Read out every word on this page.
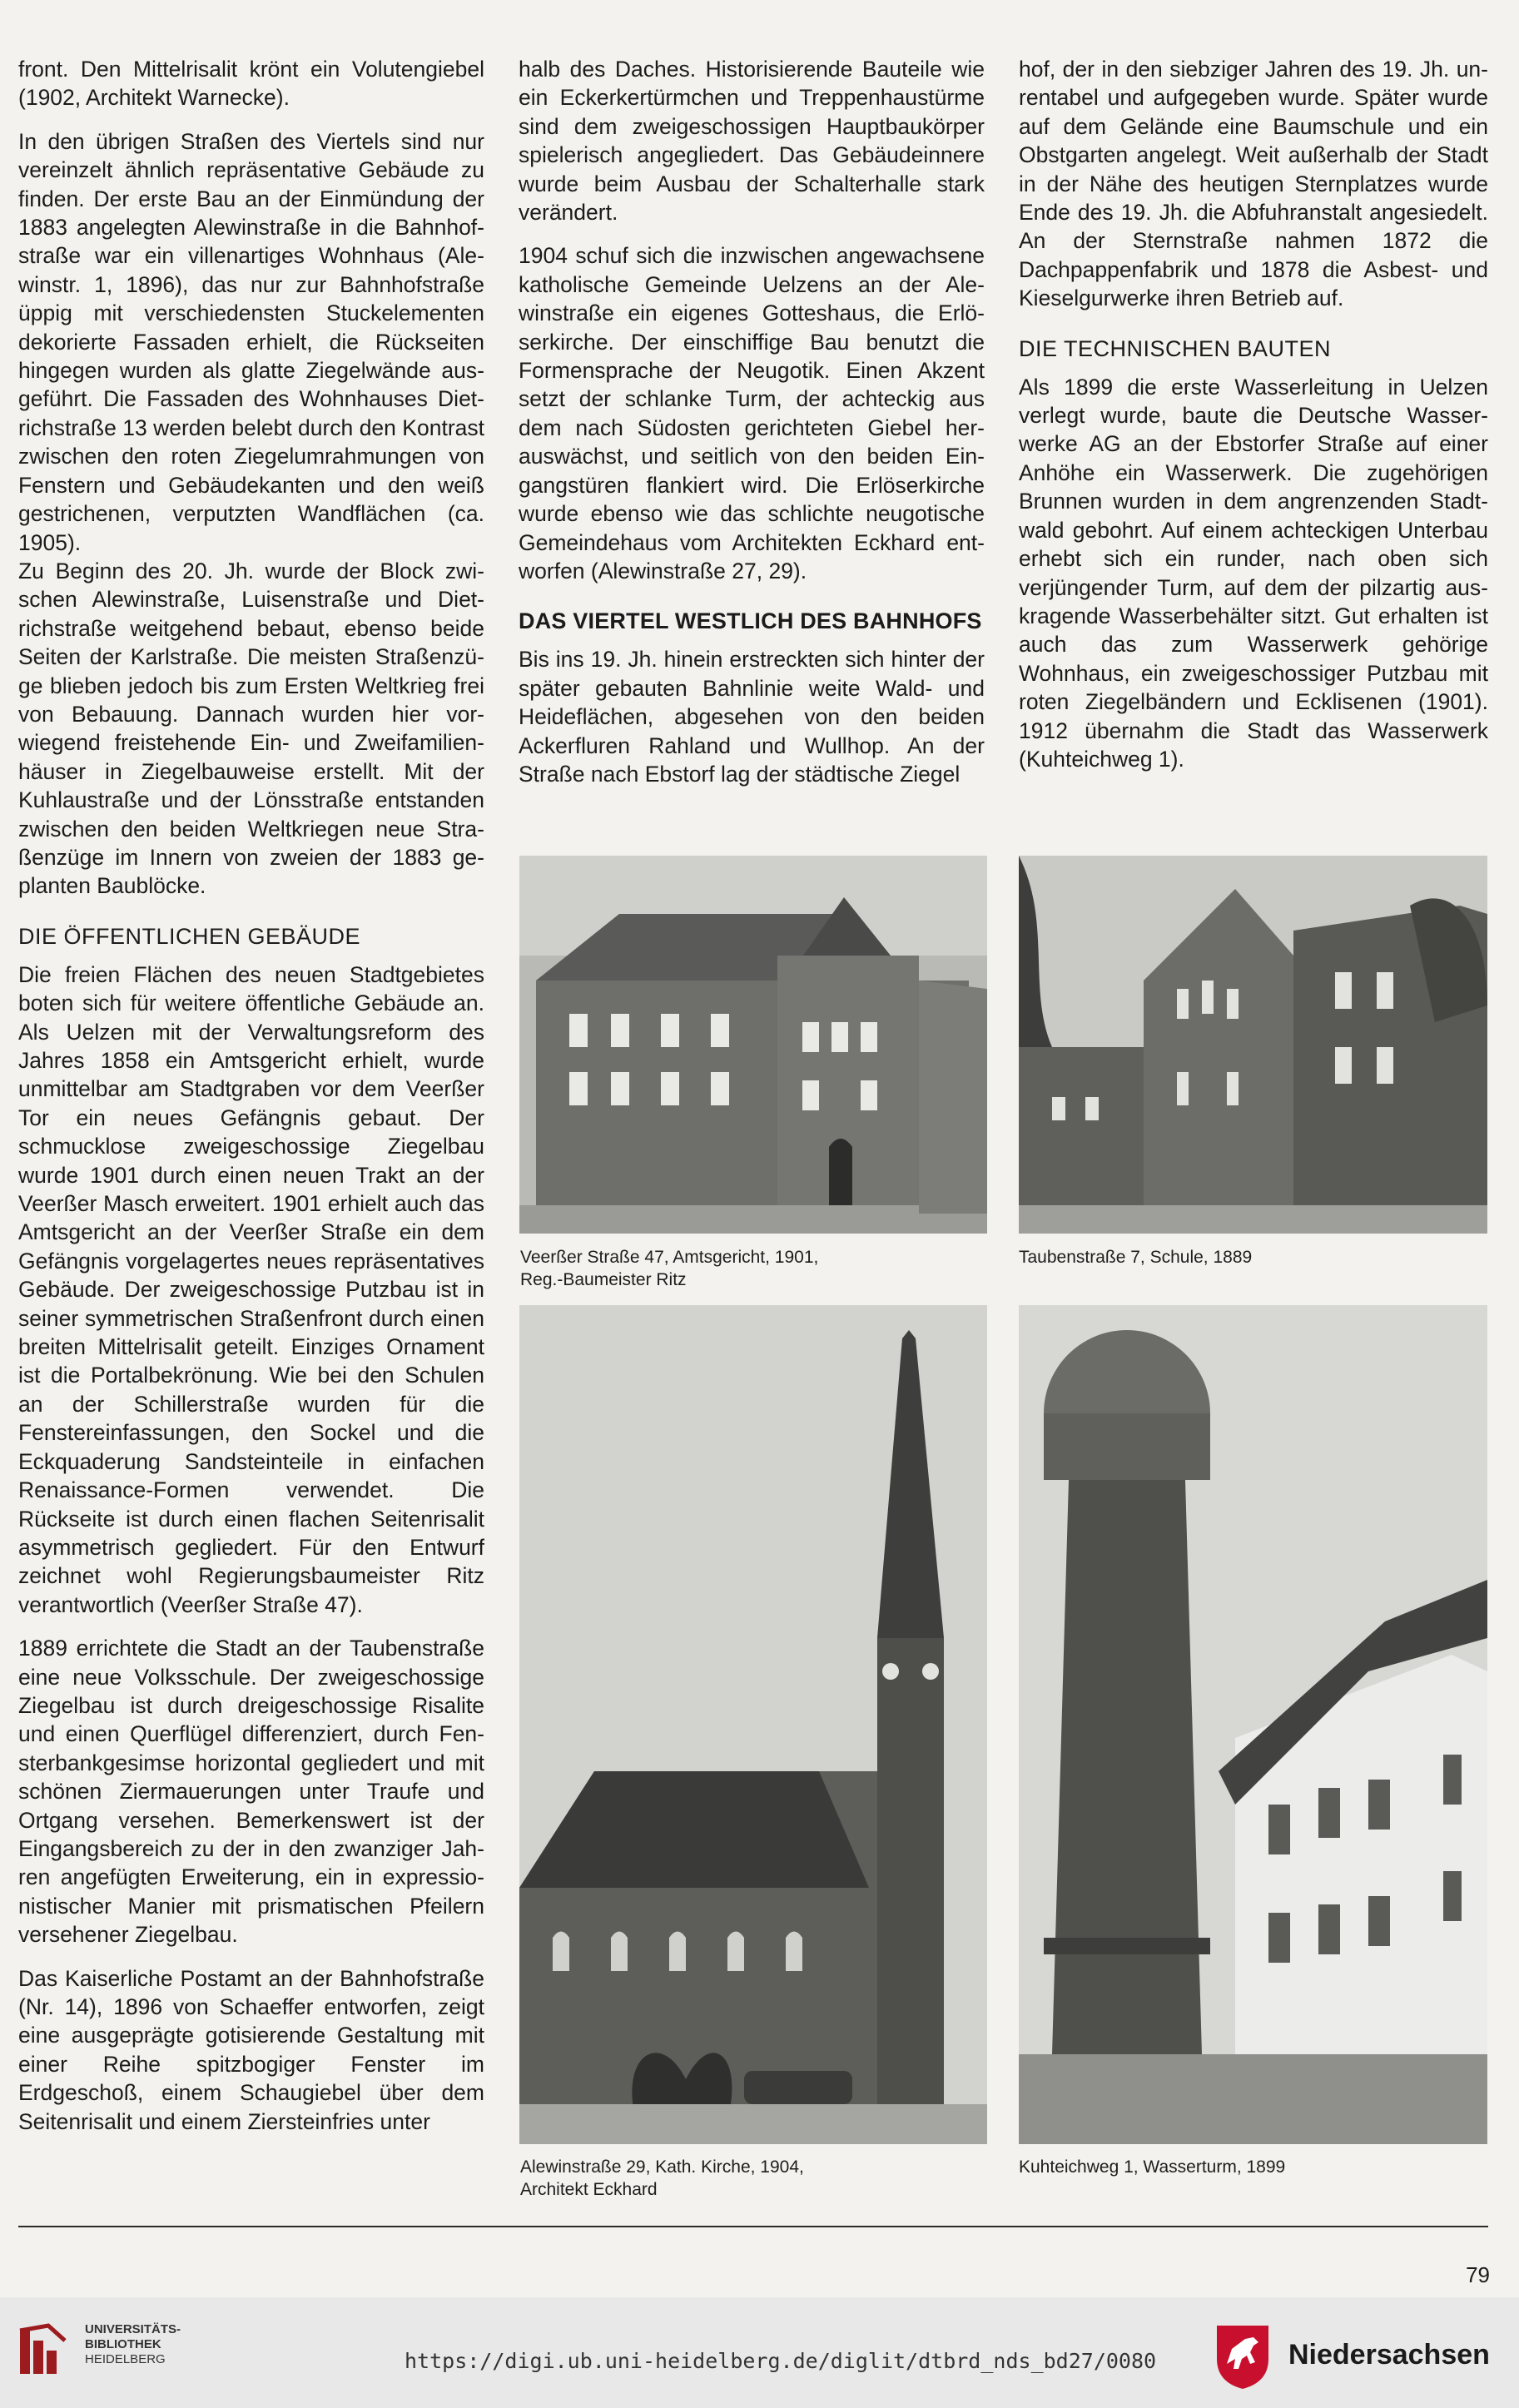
front. Den Mittelrisalit krönt ein Volutengiebel (1902, Architekt Warnecke).

In den übrigen Straßen des Viertels sind nur vereinzelt ähnlich repräsentative Gebäude zu finden. Der erste Bau an der Einmündung der 1883 angelegten Alewinstraße in die Bahnhofstraße war ein villenartiges Wohnhaus (Alewinstr. 1, 1896), das nur zur Bahnhofstraße üppig mit verschiedensten Stuckelementen dekorierte Fassaden erhielt, die Rückseiten hingegen wurden als glatte Ziegelwände ausgeführt. Die Fassaden des Wohnhauses Dietrichstraße 13 werden belebt durch den Kontrast zwischen den roten Ziegelumrahmungen von Fenstern und Gebäudekanten und den weiß gestrichenen, verputzten Wandflächen (ca. 1905).

Zu Beginn des 20. Jh. wurde der Block zwischen Alewinstraße, Luisenstraße und Dietrichstraße weitgehend bebaut, ebenso beide Seiten der Karlstraße. Die meisten Straßenzüge blieben jedoch bis zum Ersten Weltkrieg frei von Bebauung. Dannach wurden hier vorwiegend freistehende Ein- und Zweifamilienhäuser in Ziegelbauweise erstellt. Mit der Kuhlaustraße und der Lönsstraße entstanden zwischen den beiden Weltkriegen neue Straßenzüge im Innern von zweien der 1883 geplanten Baublöcke.

DIE ÖFFENTLICHEN GEBÄUDE

Die freien Flächen des neuen Stadtgebietes boten sich für weitere öffentliche Gebäude an. Als Uelzen mit der Verwaltungsreform des Jahres 1858 ein Amtsgericht erhielt, wurde unmittelbar am Stadtgraben vor dem Veerßer Tor ein neues Gefängnis gebaut. Der schmucklose zweigeschossige Ziegelbau wurde 1901 durch einen neuen Trakt an der Veerßer Masch erweitert. 1901 erhielt auch das Amtsgericht an der Veerßer Straße ein dem Gefängnis vorgelagertes neues repräsentatives Gebäude. Der zweigeschossige Putzbau ist in seiner symmetrischen Straßenfront durch einen breiten Mittelrisalit geteilt. Einziges Ornament ist die Portalbekrönung. Wie bei den Schulen an der Schillerstraße wurden für die Fenstereinfassungen, den Sockel und die Eckquaderung Sandsteinteile in einfachen Renaissance-Formen verwendet. Die Rückseite ist durch einen flachen Seitenrisalit asymmetrisch gegliedert. Für den Entwurf zeichnet wohl Regierungsbaumeister Ritz verantwortlich (Veerßer Straße 47).

1889 errichtete die Stadt an der Taubenstraße eine neue Volksschule. Der zweigeschossige Ziegelbau ist durch dreigeschossige Risalite und einen Querflügel differenziert, durch Fensterbankgesimse horizontal gegliedert und mit schönen Ziermauerungen unter Traufe und Ortgang versehen. Bemerkenswert ist der Eingangsbereich zu der in den zwanziger Jahren angefügten Erweiterung, ein in expressionistischer Manier mit prismatischen Pfeilern versehener Ziegelbau.

Das Kaiserliche Postamt an der Bahnhofstraße (Nr. 14), 1896 von Schaeffer entworfen, zeigt eine ausgeprägte gotisierende Gestaltung mit einer Reihe spitzbogiger Fenster im Erdgeschoß, einem Schaugiebel über dem Seitenrisalit und einem Ziersteinfries unter

halb des Daches. Historisierende Bauteile wie ein Eckerkertürmchen und Treppenhaustürme sind dem zweigeschossigen Hauptbaukörper spielerisch angegliedert. Das Gebäudeinnere wurde beim Ausbau der Schalterhalle stark verändert.

1904 schuf sich die inzwischen angewachsene katholische Gemeinde Uelzens an der Alewinstraße ein eigenes Gotteshaus, die Erlöserkirche. Der einschiffige Bau benutzt die Formensprache der Neugotik. Einen Akzent setzt der schlanke Turm, der achteckig aus dem nach Südosten gerichteten Giebel herauswächst, und seitlich von den beiden Eingangstüren flankiert wird. Die Erlöserkirche wurde ebenso wie das schlichte neugotische Gemeindehaus vom Architekten Eckhard entworfen (Alewinstraße 27, 29).

DAS VIERTEL WESTLICH DES BAHNHOFS

Bis ins 19. Jh. hinein erstreckten sich hinter der später gebauten Bahnlinie weite Wald- und Heideflächen, abgesehen von den beiden Ackerfluren Rahland und Wullhop. An der Straße nach Ebstorf lag der städtische Ziegel

hof, der in den siebziger Jahren des 19. Jh. unrentabel und aufgegeben wurde. Später wurde auf dem Gelände eine Baumschule und ein Obstgarten angelegt. Weit außerhalb der Stadt in der Nähe des heutigen Sternplatzes wurde Ende des 19. Jh. die Abfuhranstalt angesiedelt. An der Sternstraße nahmen 1872 die Dachpappenfabrik und 1878 die Asbest- und Kieselgurwerke ihren Betrieb auf.

DIE TECHNISCHEN BAUTEN

Als 1899 die erste Wasserleitung in Uelzen verlegt wurde, baute die Deutsche Wasserwerke AG an der Ebstorfer Straße auf einer Anhöhe ein Wasserwerk. Die zugehörigen Brunnen wurden in dem angrenzenden Stadtwald gebohrt. Auf einem achteckigen Unterbau erhebt sich ein runder, nach oben sich verjüngender Turm, auf dem der pilzartig auskragende Wasserbehälter sitzt. Gut erhalten ist auch das zum Wasserwerk gehörige Wohnhaus, ein zweigeschossiger Putzbau mit roten Ziegelbändern und Ecklisenen (1901). 1912 übernahm die Stadt das Wasserwerk (Kuhteichweg 1).

Veerßer Straße 47, Amtsgericht, 1901,
Reg.-Baumeister Ritz
Taubenstraße 7, Schule, 1889
Alewinstraße 29, Kath. Kirche, 1904,
Architekt Eckhard
Kuhteichweg 1, Wasserturm, 1899
79
UNIVERSITÄTS-
BIBLIOTHEK
HEIDELBERG	https://digi.ub.uni-heidelberg.de/diglit/dtbrd_nds_bd27/0080	Niedersachsen
